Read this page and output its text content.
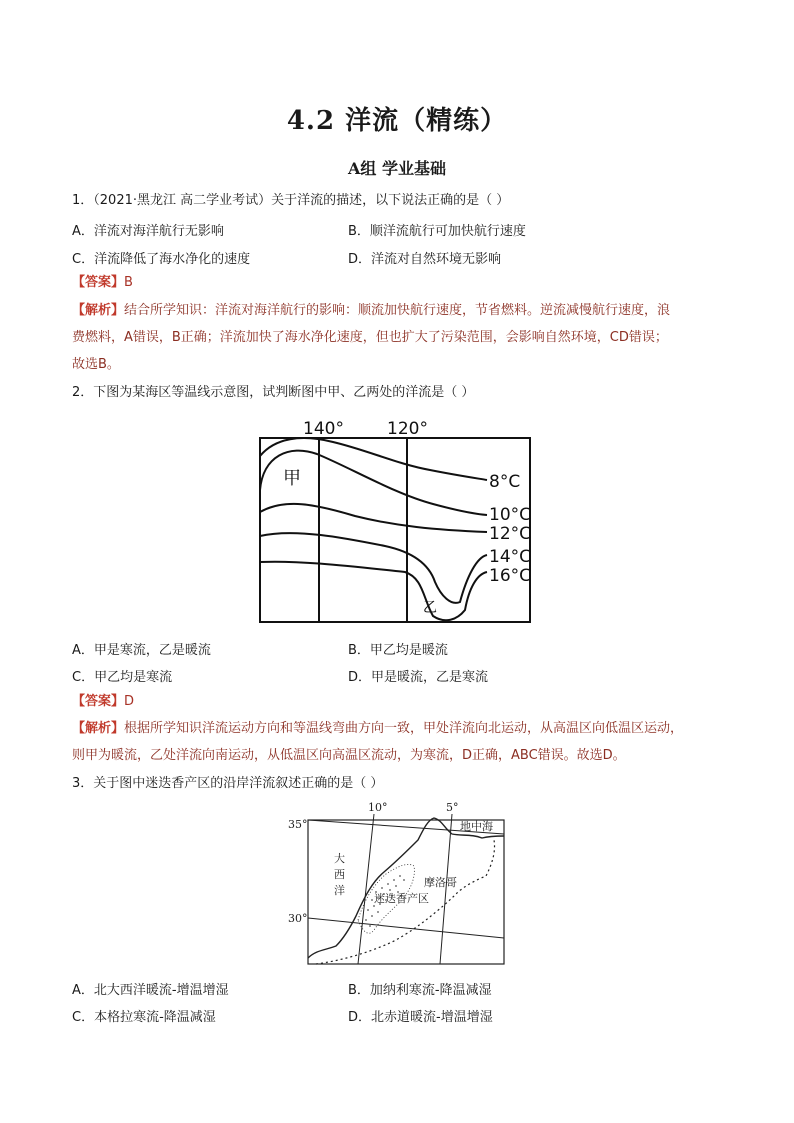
4.2 洋流（精练）
A组 学业基础
1．（2021·黑龙江 高二学业考试）关于洋流的描述，以下说法正确的是（ ）
A．洋流对海洋航行无影响	B．顺洋流航行可加快航行速度
C．洋流降低了海水净化的速度	D．洋流对自然环境无影响
【答案】B
【解析】结合所学知识：洋流对海洋航行的影响：顺流加快航行速度，节省燃料。逆流减慢航行速度，浪
费燃料，A错误，B正确；洋流加快了海水净化速度，但也扩大了污染范围，会影响自然环境，CD错误；
故选B。
2．下图为某海区等温线示意图，试判断图中甲、乙两处的洋流是（ ）
140°	120°
甲
乙
8°C
10°C
12°C
14°C
16°C
A．甲是寒流，乙是暖流	B．甲乙均是暖流
C．甲乙均是寒流	D．甲是暖流，乙是寒流
【答案】D
【解析】根据所学知识洋流运动方向和等温线弯曲方向一致，甲处洋流向北运动，从高温区向低温区运动，
则甲为暖流，乙处洋流向南运动，从低温区向高温区流动，为寒流，D正确，ABC错误。故选D。
3．关于图中迷迭香产区的沿岸洋流叙述正确的是（ ）
10°	5°
35°
30°
地中海
大
西
洋
摩洛哥
迷迭香产区
A．北大西洋暖流-增温增湿	B．加纳利寒流-降温减湿
C．本格拉寒流-降温减湿	D．北赤道暖流-增温增湿
